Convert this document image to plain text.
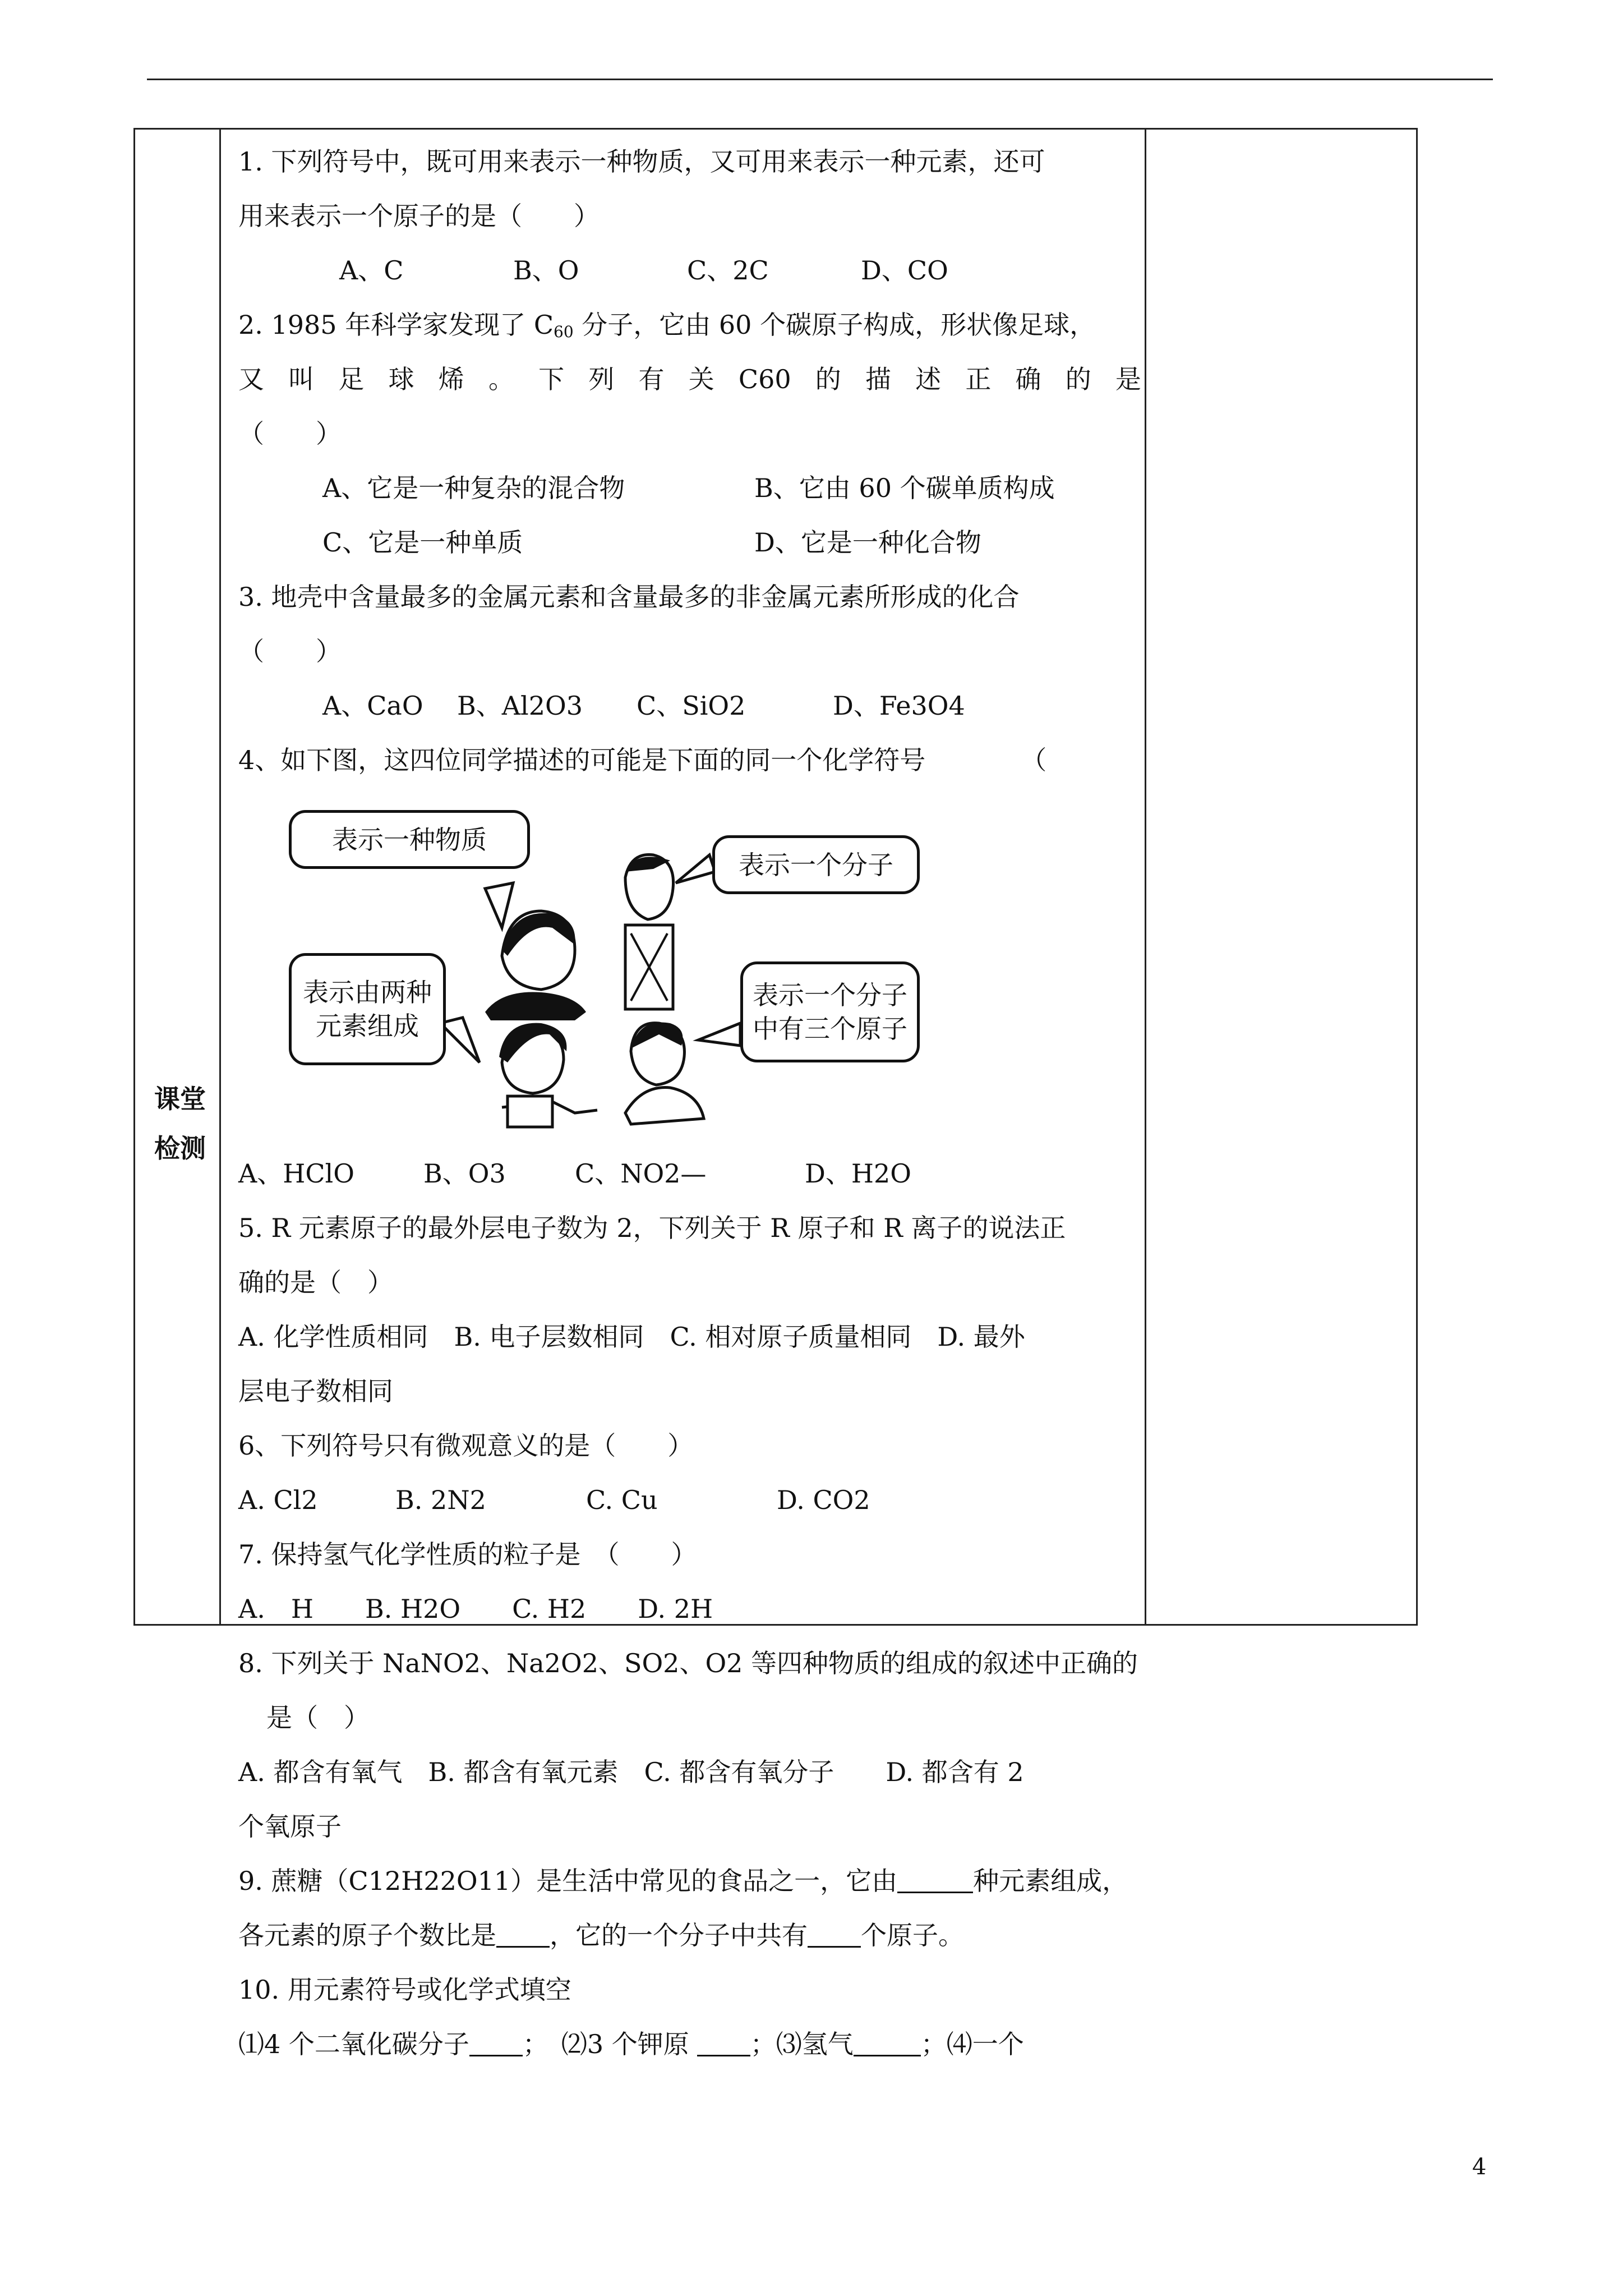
课堂
检测
1. 下列符号中，既可用来表示一种物质，又可用来表示一种元素，还可
用来表示一个原子的是（　　）
A、C	B、O	C、2C	D、CO
2. 1985 年科学家发现了 $C_{60}$ 分子，它由 60 个碳原子构成，形状像足球，
又 叫 足 球 烯 。 下 列 有 关 C60 的 描 述 正 确 的 是
（　　）
A、它是一种复杂的混合物	B、它由 60 个碳单质构成
C、它是一种单质	D、它是一种化合物
3. 地壳中含量最多的金属元素和含量最多的非金属元素所形成的化合
（　　）
A、CaO B、Al2O3 C、SiO2	D、Fe3O4
4、如下图，这四位同学描述的可能是下面的同一个化学符号	（
表示一种物质
表示一个分子
表示由两种元素组成
表示一个分子中有三个原子
A、HClO	B、O3	C、NO2—	D、H2O
5. R 元素原子的最外层电子数为 2，下列关于 R 原子和 R 离子的说法正
确的是（　）
A. 化学性质相同　B. 电子层数相同　C. 相对原子质量相同　D. 最外
层电子数相同
6、下列符号只有微观意义的是（　　）
A. Cl2	B. 2N2	C. Cu	D. CO2
7. 保持氢气化学性质的粒子是　（　　）
A.　H　　B. H2O　　C. H2　　D. 2H
8. 下列关于 NaNO2、Na2O2、SO2、O2 等四种物质的组成的叙述中正确的
是（　）
A. 都含有氧气　B. 都含有氧元素　C. 都含有氧分子　　D. 都含有 2
个氧原子
9. 蔗糖（C12H22O11）是生活中常见的食品之一，它由	种元素组成，
各元素的原子个数比是 ，它的一个分子中共有 个原子。
10. 用元素符号或化学式填空
⑴4 个二氧化碳分子 ；　⑵3 个钾原 ；⑶氢气	；⑷一个
4
